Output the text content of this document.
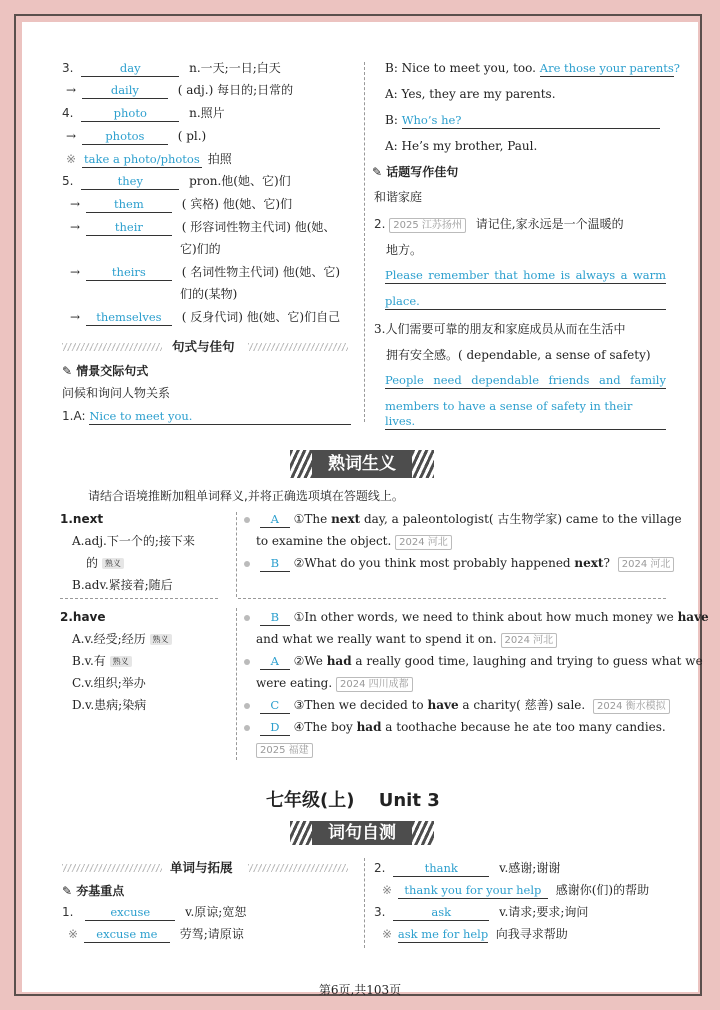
3.	day	n.一天;一日;白天
→	daily	( adj.) 每日的;日常的
4.	photo	n.照片
→	photos	( pl.)
※ take a photo/photos 拍照
5.	they	pron.他(她、它)们
→	them	( 宾格) 他(她、它)们
→	their	( 形容词性物主代词) 他(她、
它)们的
→	theirs	( 名词性物主代词) 他(她、它)
们的(某物)
→ themselves ( 反身代词) 他(她、它)们自己
句式与佳句
✎ 情景交际句式
问候和询问人物关系
1.A: Nice to meet you.
B: Nice to meet you, too. Are those your parents?
A: Yes, they are my parents.
B: Who’s he?
A: He’s my brother, Paul.
✎ 话题写作佳句
和谐家庭
2. 2025 江苏扬州 请记住,家永远是一个温暖的
地方。
Please remember that home is always a warm
place.
3.人们需要可靠的朋友和家庭成员从而在生活中
拥有安全感。( dependable, a sense of safety)
People need dependable friends and family
members to have a sense of safety in their lives.
熟词生义
请结合语境推断加粗单词释义,并将正确选项填在答题线上。
1.next
A.adj.下一个的;接下来
的 熟义
B.adv.紧接着;随后
A ①The next day, a paleontologist( 古生物学家) came to the village
to examine the object. 2024 河北
B ②What do you think most probably happened next? 2024 河北
2.have
A.v.经受;经历 熟义
B.v.有 熟义
C.v.组织;举办
D.v.患病;染病
B ①In other words, we need to think about how much money we have
and what we really want to spend it on. 2024 河北
A ②We had a really good time, laughing and trying to guess what we
were eating. 2024 四川成都
C ③Then we decided to have a charity( 慈善) sale. 2024 衡水模拟
D ④The boy had a toothache because he ate too many candies.
2025 福建
七年级(上) Unit 3
词句自测
单词与拓展
✎ 夯基重点
1.	excuse	v.原谅;宽恕
※ excuse me 劳驾;请原谅
2.	thank	v.感谢;谢谢
※ thank you for your help 感谢你(们)的帮助
3.	ask	v.请求;要求;询问
※ ask me for help 向我寻求帮助
第6页,共103页
